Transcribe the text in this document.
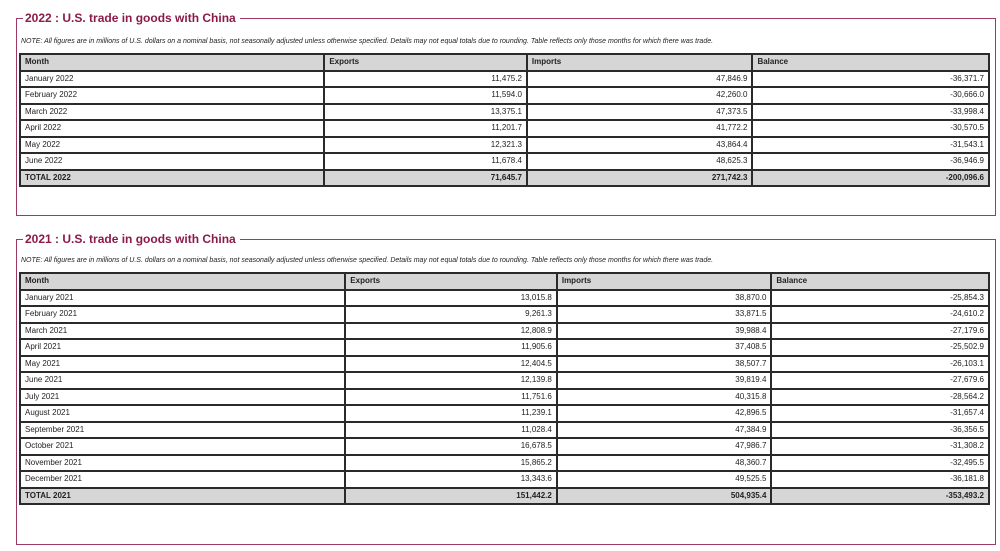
2022 : U.S. trade in goods with China
NOTE: All figures are in millions of U.S. dollars on a nominal basis, not seasonally adjusted unless otherwise specified. Details may not equal totals due to rounding. Table reflects only those months for which there was trade.
Month	Exports	Imports	Balance
January 2022	11,475.2	47,846.9	-36,371.7
February 2022	11,594.0	42,260.0	-30,666.0
March 2022	13,375.1	47,373.5	-33,998.4
April 2022	11,201.7	41,772.2	-30,570.5
May 2022	12,321.3	43,864.4	-31,543.1
June 2022	11,678.4	48,625.3	-36,946.9
TOTAL 2022	71,645.7	271,742.3	-200,096.6
2021 : U.S. trade in goods with China
NOTE: All figures are in millions of U.S. dollars on a nominal basis, not seasonally adjusted unless otherwise specified. Details may not equal totals due to rounding. Table reflects only those months for which there was trade.
Month	Exports	Imports	Balance
January 2021	13,015.8	38,870.0	-25,854.3
February 2021	9,261.3	33,871.5	-24,610.2
March 2021	12,808.9	39,988.4	-27,179.6
April 2021	11,905.6	37,408.5	-25,502.9
May 2021	12,404.5	38,507.7	-26,103.1
June 2021	12,139.8	39,819.4	-27,679.6
July 2021	11,751.6	40,315.8	-28,564.2
August 2021	11,239.1	42,896.5	-31,657.4
September 2021	11,028.4	47,384.9	-36,356.5
October 2021	16,678.5	47,986.7	-31,308.2
November 2021	15,865.2	48,360.7	-32,495.5
December 2021	13,343.6	49,525.5	-36,181.8
TOTAL 2021	151,442.2	504,935.4	-353,493.2
